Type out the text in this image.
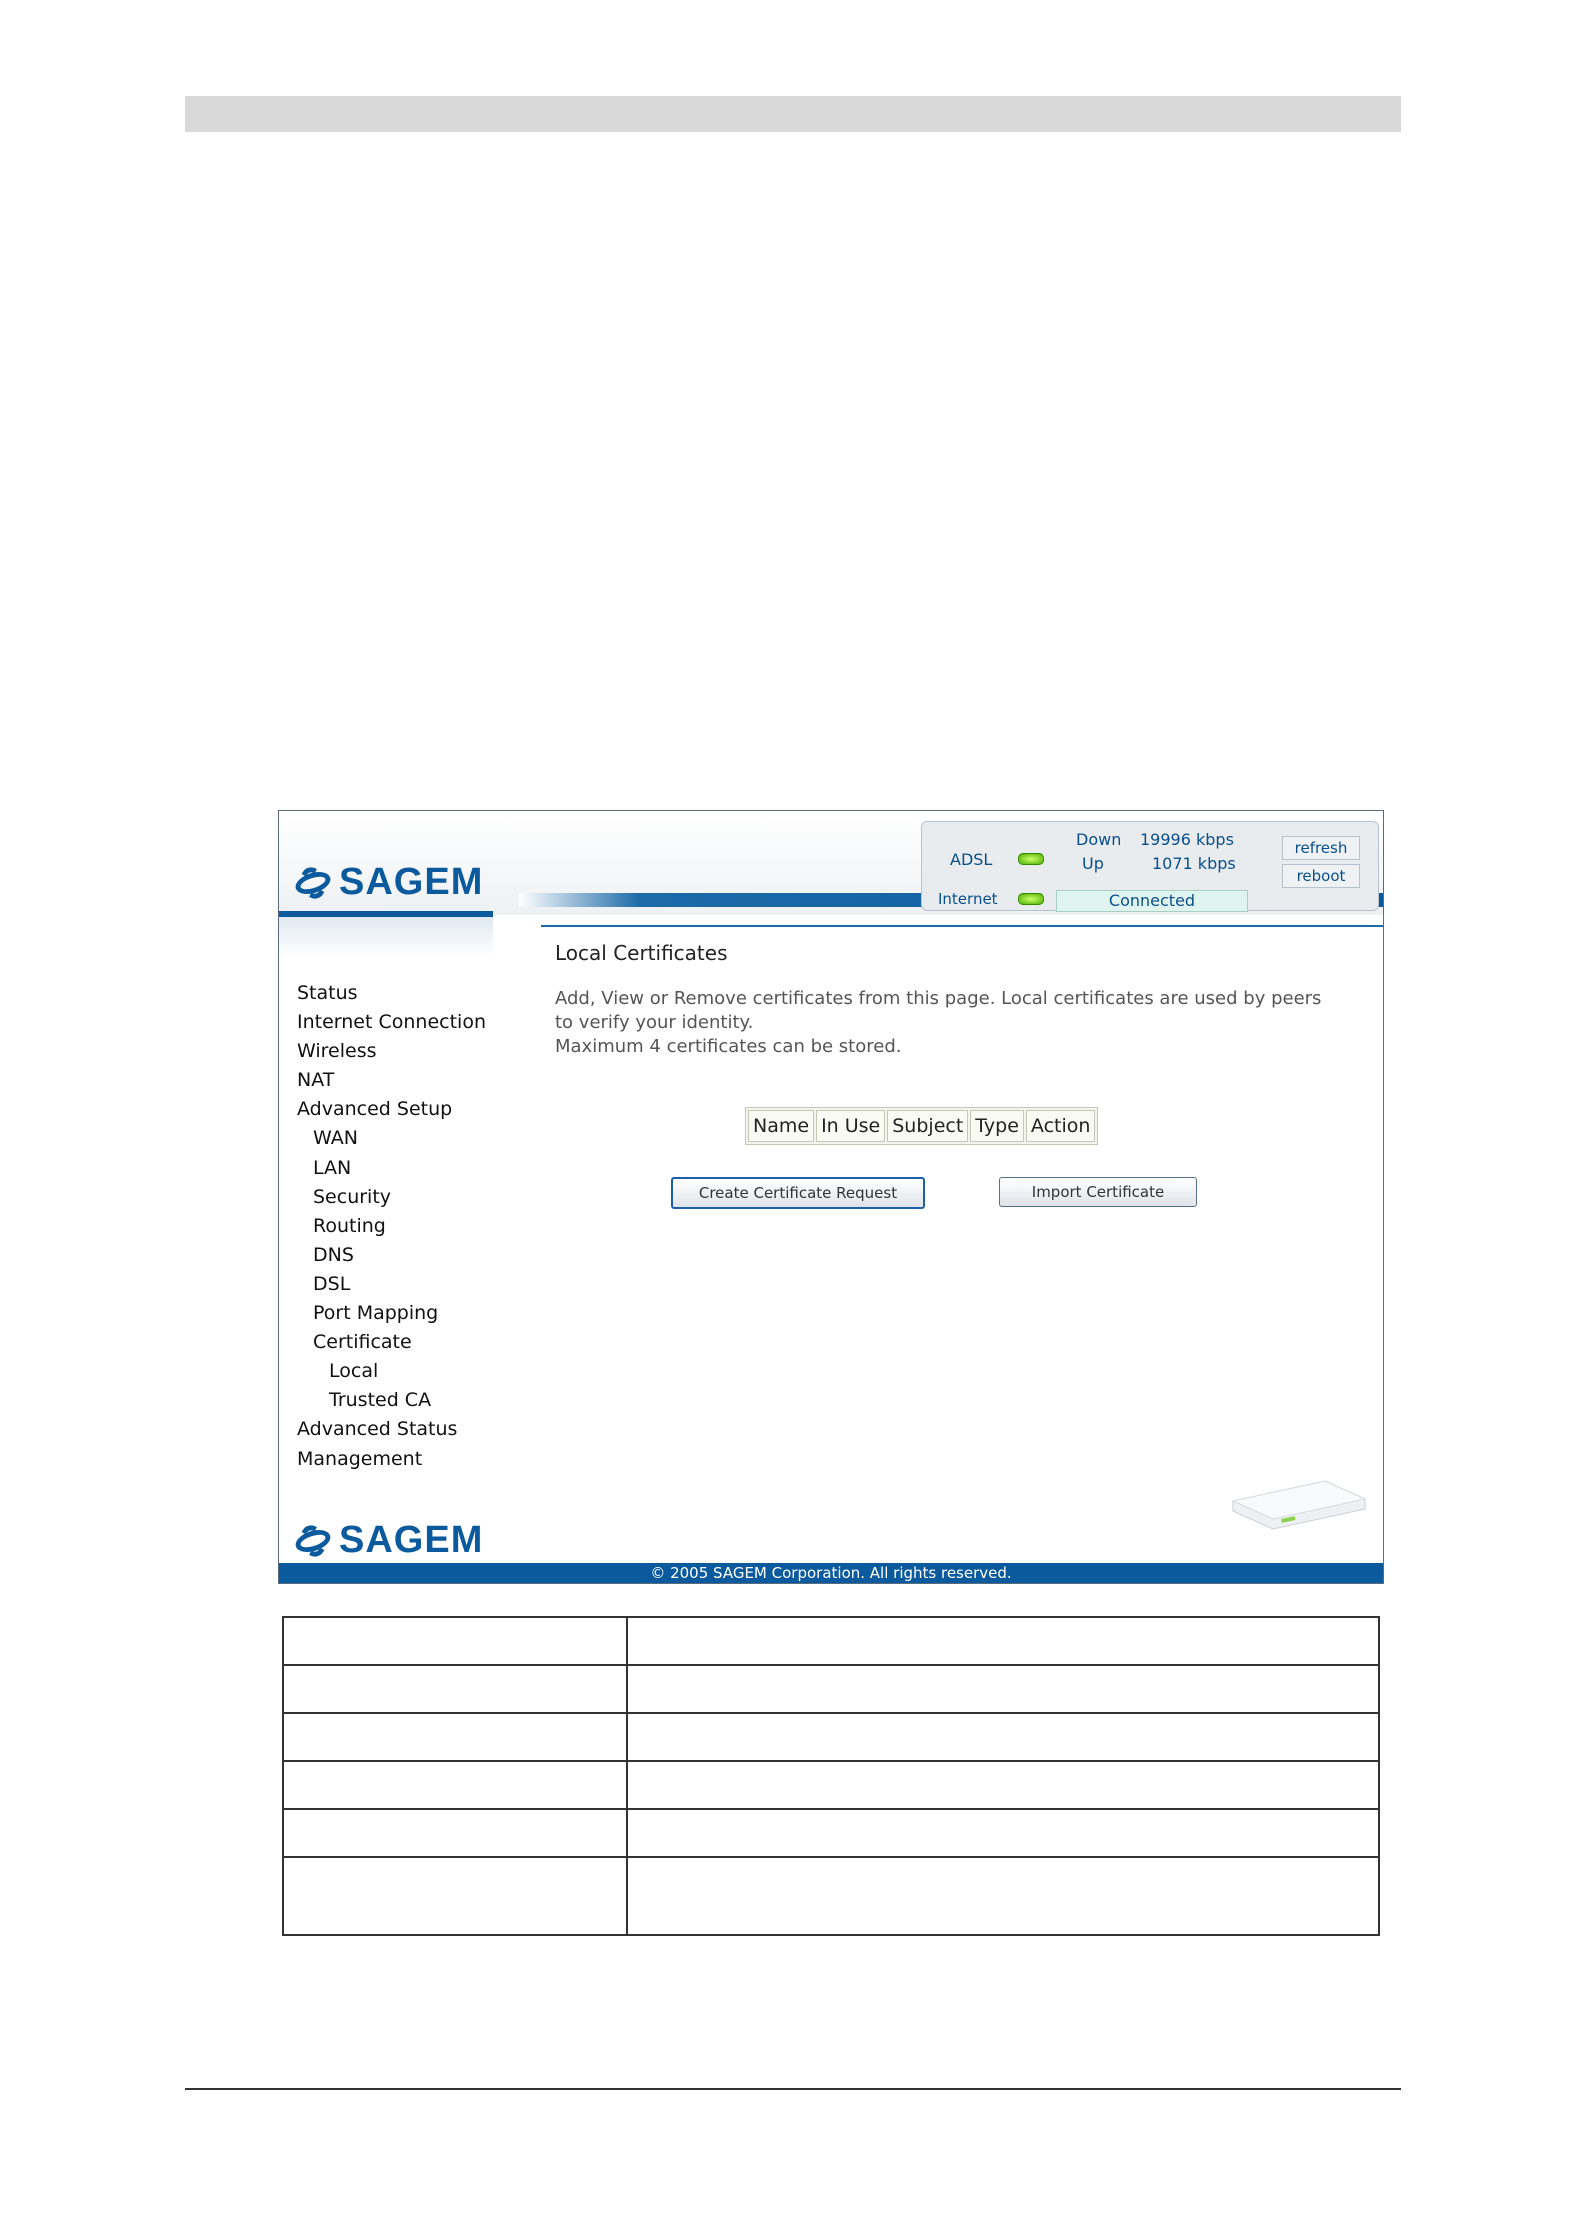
SAGEM
ADSL
Down 19996 kbps
Up	1071 kbps
Internet	Connected
refresh
reboot
Status
Internet Connection
Wireless
NAT
Advanced Setup
WAN
LAN
Security
Routing
DNS
DSL
Port Mapping
Certificate
Local
Trusted CA
Advanced Status
Management
Local Certificates
Add, View or Remove certificates from this page. Local certificates are used by peers
to verify your identity.
Maximum 4 certificates can be stored.
Name	In Use	Subject	Type	Action
Create Certificate Request	Import Certificate
SAGEM
© 2005 SAGEM Corporation. All rights reserved.
